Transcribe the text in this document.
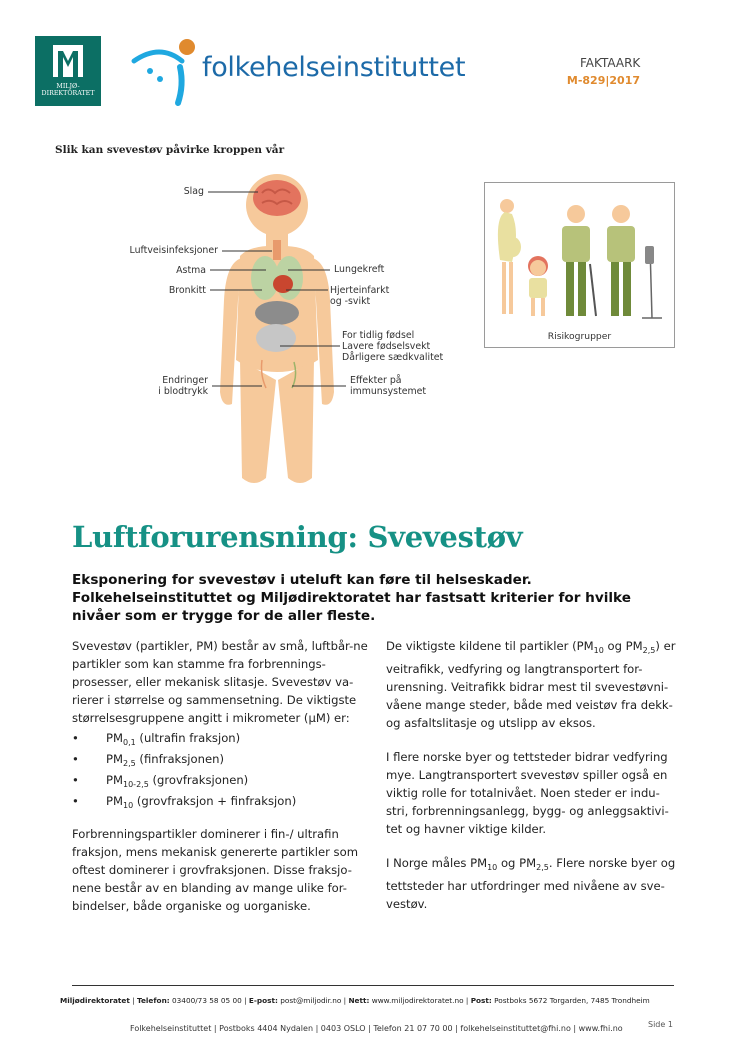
MILJØ-
DIREKTORATET
folkehelseinstituttet	FAKTAARK
M-829|2017
Slik kan svevestøv påvirke kroppen vår
Slag
Luftveisinfeksjoner
Astma
Bronkitt
Endringer
i blodtrykk
Lungekreft
Hjerteinfarkt
og -svikt
For tidlig fødsel
Lavere fødselsvekt
Dårligere sædkvalitet
Effekter på
immunsystemet
Risikogrupper
Luftforurensning: Svevestøv
Eksponering for svevestøv i uteluft kan føre til helseskader. Folkehelseinstituttet og Miljødirektoratet har fastsatt kriterier for hvilke nivåer som er trygge for de aller fleste.

Svevestøv (partikler, PM) består av små, luftbår-ne partikler som kan stamme fra forbrennings-prosesser, eller mekanisk slitasje. Svevestøv va-rierer i størrelse og sammensetning. De viktigste størrelsesgruppene angitt i mikrometer (µM) er:

• $PM_{0,1}$ (ultrafin fraksjon)
• $PM_{2,5}$ (finfraksjonen)
• $PM_{10-2,5}$ (grovfraksjonen)
• $PM_{10}$ (grovfraksjon + finfraksjon)

Forbrenningspartikler dominerer i fin-/ ultrafin fraksjon, mens mekanisk genererte partikler som oftest dominerer i grovfraksjonen. Disse fraksjo-nene består av en blanding av mange ulike for-bindelser, både organiske og uorganiske.

De viktigste kildene til partikler ($PM_{10}$ og $PM_{2,5}$) er veitrafikk, vedfyring og langtransportert for-urensning. Veitrafikk bidrar mest til svevestøvni-våene mange steder, både med veistøv fra dekk- og asfaltslitasje og utslipp av eksos.

I flere norske byer og tettsteder bidrar vedfyring mye. Langtransportert svevestøv spiller også en viktig rolle for totalnivået. Noen steder er indu-stri, forbrenningsanlegg, bygg- og anleggsaktivi-tet og havner viktige kilder.

I Norge måles $PM_{10}$ og $PM_{2,5}$. Flere norske byer og tettsteder har utfordringer med nivåene av sve-vestøv.

Miljødirektoratet | Telefon: 03400/73 58 05 00 | E-post: post@miljodir.no | Nett: www.miljodirektoratet.no | Post: Postboks 5672 Torgarden, 7485 Trondheim
Folkehelseinstituttet | Postboks 4404 Nydalen | 0403 OSLO | Telefon 21 07 70 00 | folkehelseinstituttet@fhi.no | www.fhi.no	Side 1
